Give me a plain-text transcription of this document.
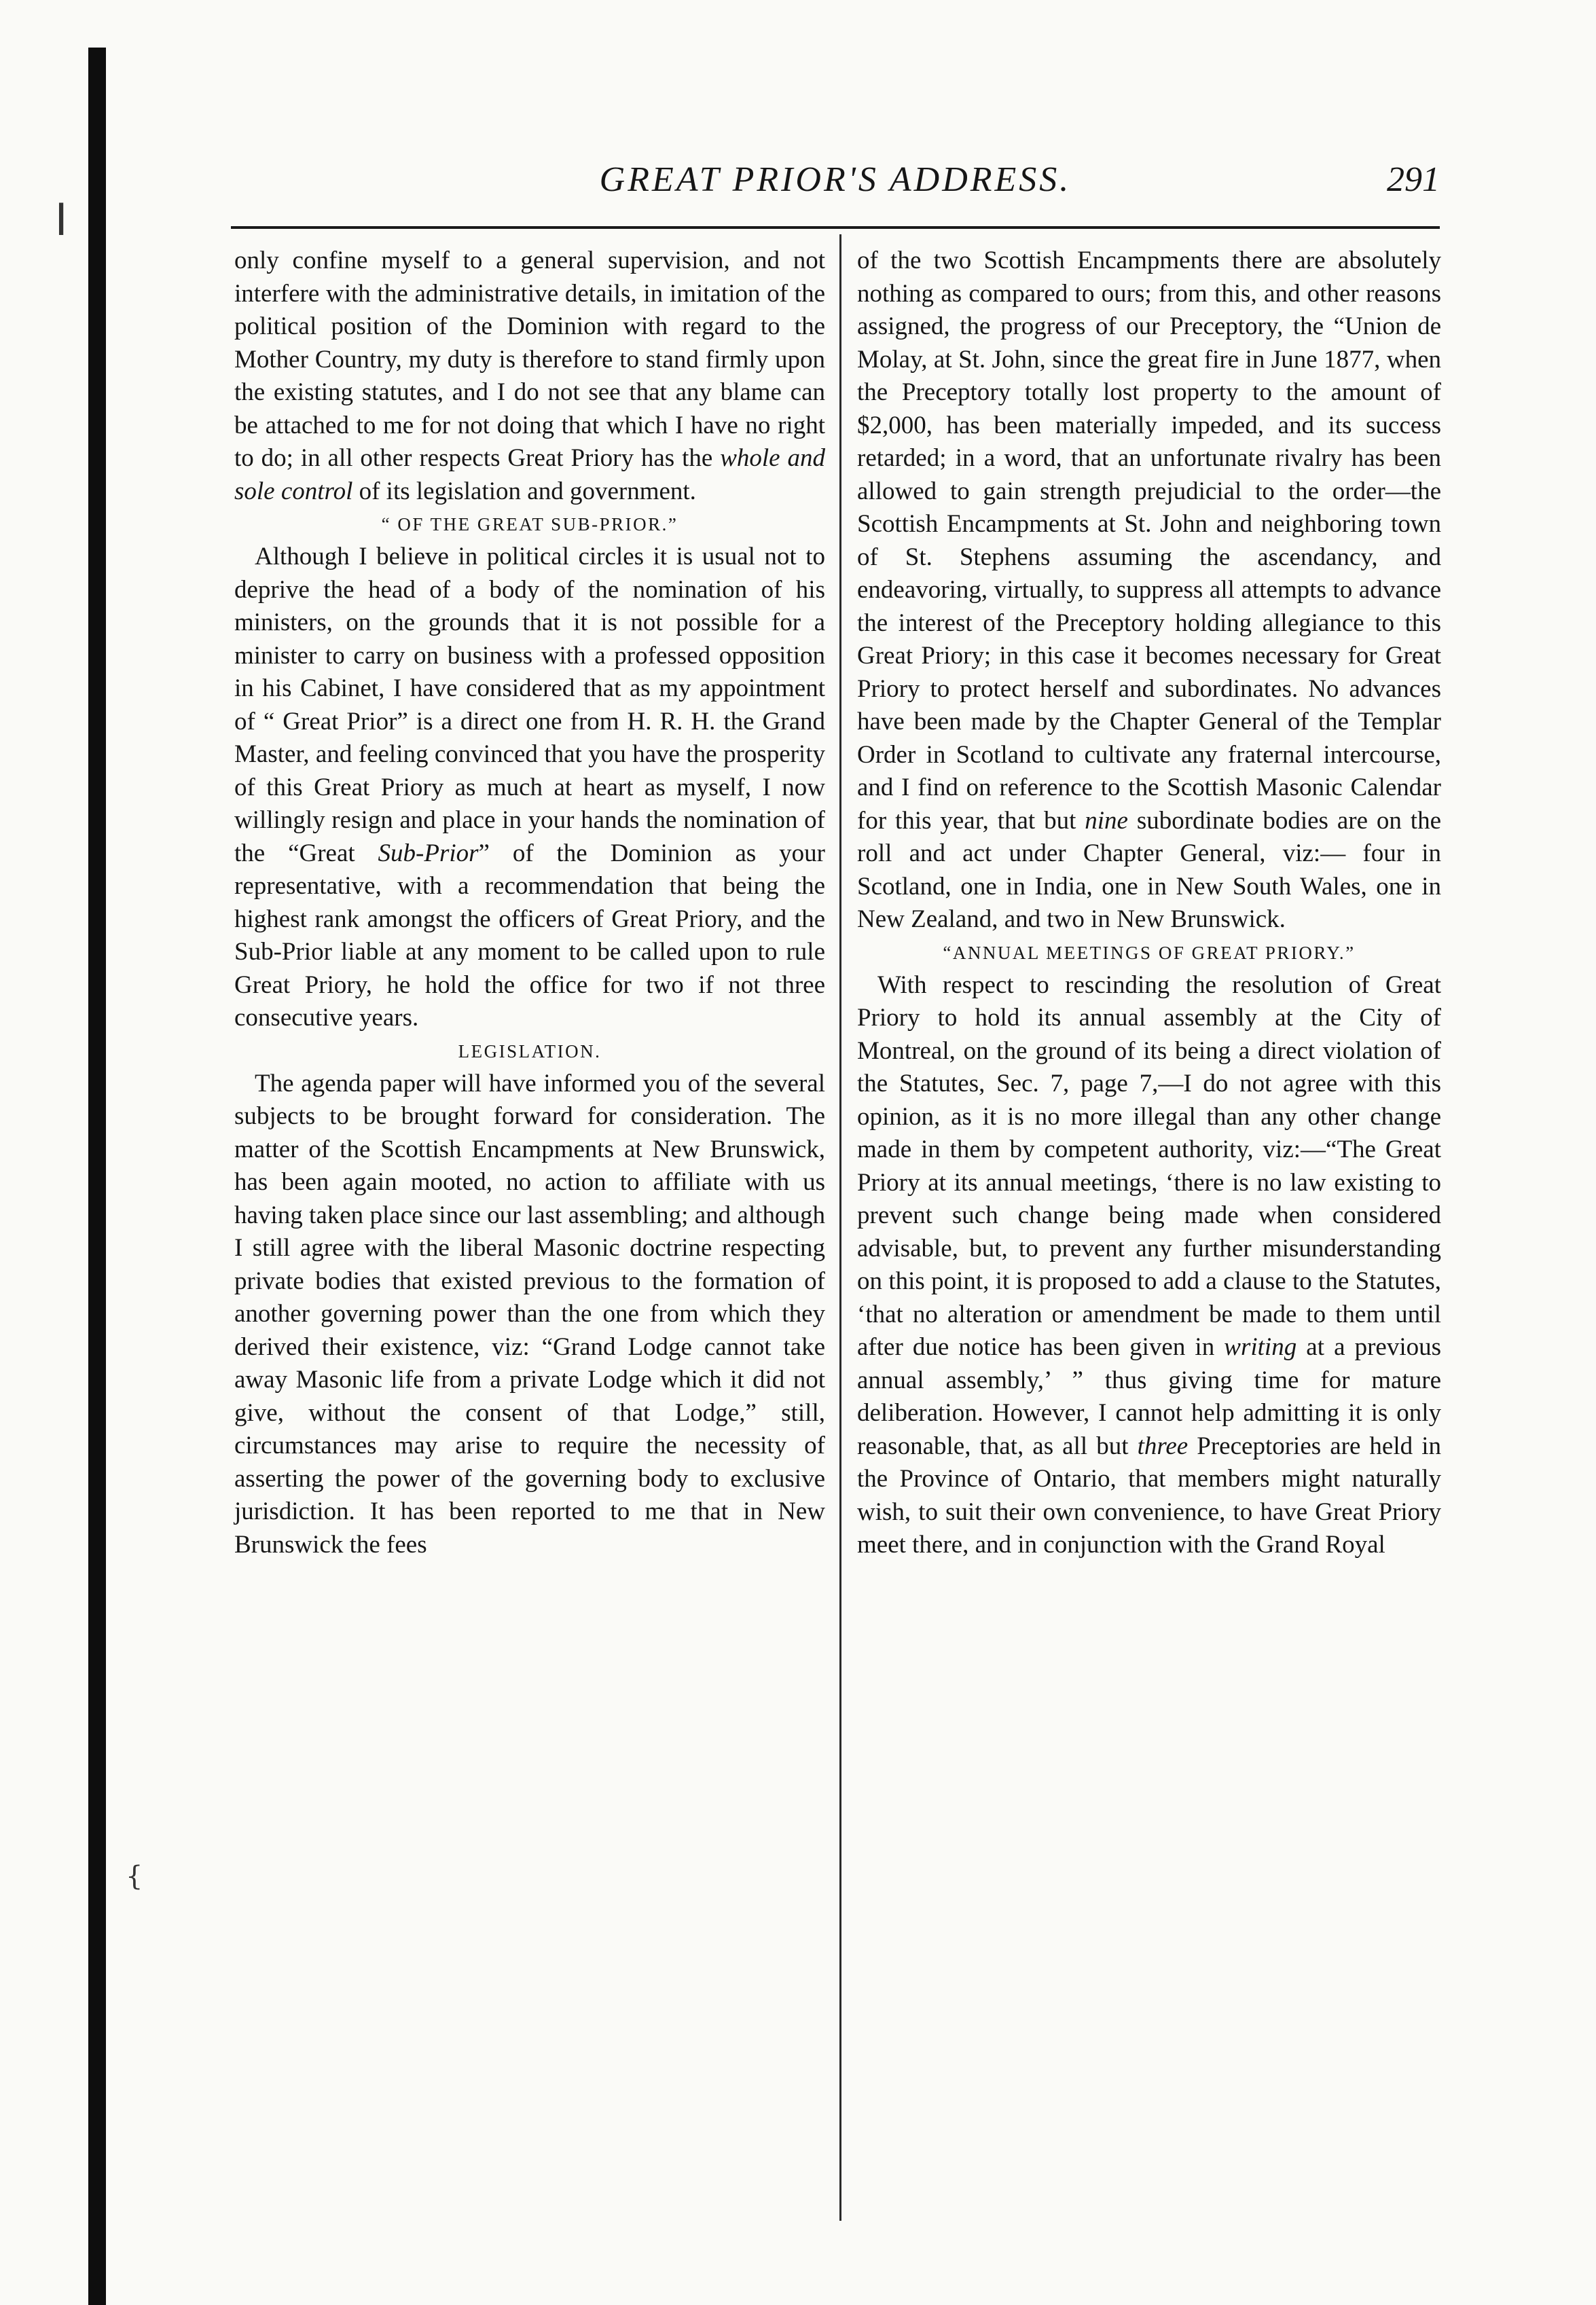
┃
{
GREAT PRIOR'S ADDRESS.	291

only confine myself to a general supervision, and not interfere with the administrative details, in imitation of the political position of the Dominion with regard to the Mother Country, my duty is therefore to stand firmly upon the existing statutes, and I do not see that any blame can be attached to me for not doing that which I have no right to do; in all other respects Great Priory has the whole and sole control of its legislation and government.

“ OF THE GREAT SUB-PRIOR.”

Although I believe in political circles it is usual not to deprive the head of a body of the nomination of his ministers, on the grounds that it is not possible for a minister to carry on business with a professed opposition in his Cabinet, I have considered that as my appointment of “ Great Prior” is a direct one from H. R. H. the Grand Master, and feeling convinced that you have the prosperity of this Great Priory as much at heart as myself, I now willingly resign and place in your hands the nomination of the “Great Sub-Prior” of the Dominion as your representative, with a recommendation that being the highest rank amongst the officers of Great Priory, and the Sub-Prior liable at any moment to be called upon to rule Great Priory, he hold the office for two if not three consecutive years.

LEGISLATION.

The agenda paper will have informed you of the several subjects to be brought forward for consideration. The matter of the Scottish Encampments at New Brunswick, has been again mooted, no action to affiliate with us having taken place since our last assembling; and although I still agree with the liberal Masonic doctrine respecting private bodies that existed previous to the formation of another governing power than the one from which they derived their existence, viz: “Grand Lodge cannot take away Masonic life from a private Lodge which it did not give, without the consent of that Lodge,” still, circumstances may arise to require the necessity of asserting the power of the governing body to exclusive jurisdiction. It has been reported to me that in New Brunswick the fees

of the two Scottish Encampments there are absolutely nothing as compared to ours; from this, and other reasons assigned, the progress of our Preceptory, the “Union de Molay, at St. John, since the great fire in June 1877, when the Preceptory totally lost property to the amount of $2,000, has been materially impeded, and its success retarded; in a word, that an unfortunate rivalry has been allowed to gain strength prejudicial to the order—the Scottish Encampments at St. John and neighboring town of St. Stephens assuming the ascendancy, and endeavoring, virtually, to suppress all attempts to advance the interest of the Preceptory holding allegiance to this Great Priory; in this case it becomes necessary for Great Priory to protect herself and subordinates. No advances have been made by the Chapter General of the Templar Order in Scotland to cultivate any fraternal intercourse, and I find on reference to the Scottish Masonic Calendar for this year, that but nine subordinate bodies are on the roll and act under Chapter General, viz:— four in Scotland, one in India, one in New South Wales, one in New Zealand, and two in New Brunswick.

“ANNUAL MEETINGS OF GREAT PRIORY.”

With respect to rescinding the resolution of Great Priory to hold its annual assembly at the City of Montreal, on the ground of its being a direct violation of the Statutes, Sec. 7, page 7,—I do not agree with this opinion, as it is no more illegal than any other change made in them by competent authority, viz:—“The Great Priory at its annual meetings, ‘there is no law existing to prevent such change being made when considered advisable, but, to prevent any further misunderstanding on this point, it is proposed to add a clause to the Statutes, ‘that no alteration or amendment be made to them until after due notice has been given in writing at a previous annual assembly,’ ” thus giving time for mature deliberation. However, I cannot help admitting it is only reasonable, that, as all but three Preceptories are held in the Province of Ontario, that members might naturally wish, to suit their own convenience, to have Great Priory meet there, and in conjunction with the Grand Royal
